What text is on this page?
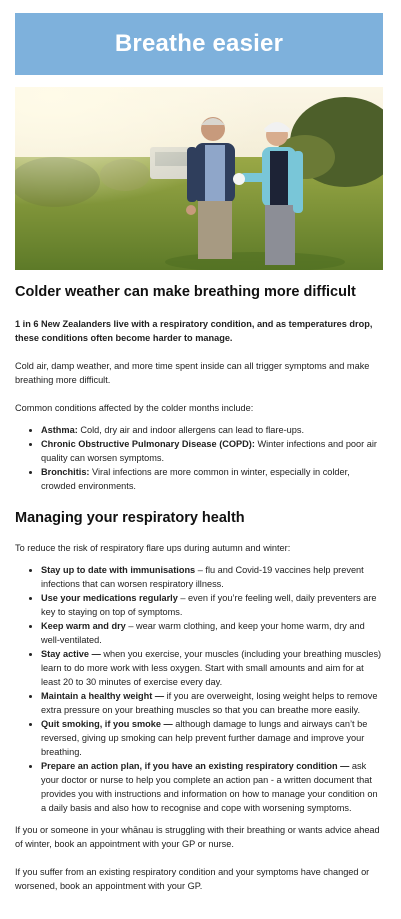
Breathe easier
Colder weather can make breathing more difficult

1 in 6 New Zealanders live with a respiratory condition, and as temperatures drop, these conditions often become harder to manage.

Cold air, damp weather, and more time spent inside can all trigger symptoms and make breathing more difficult.

Common conditions affected by the colder months include:

• Asthma: Cold, dry air and indoor allergens can lead to flare-ups.
• Chronic Obstructive Pulmonary Disease (COPD): Winter infections and poor air quality can worsen symptoms.
• Bronchitis: Viral infections are more common in winter, especially in colder, crowded environments.
Managing your respiratory health

To reduce the risk of respiratory flare ups during autumn and winter:

• Stay up to date with immunisations – flu and Covid-19 vaccines help prevent infections that can worsen respiratory illness.
• Use your medications regularly – even if you’re feeling well, daily preventers are key to staying on top of symptoms.
• Keep warm and dry – wear warm clothing, and keep your home warm, dry and well-ventilated.
• Stay active — when you exercise, your muscles (including your breathing muscles) learn to do more work with less oxygen. Start with small amounts and aim for at least 20 to 30 minutes of exercise every day.
• Maintain a healthy weight — if you are overweight, losing weight helps to remove extra pressure on your breathing muscles so that you can breathe more easily.
• Quit smoking, if you smoke — although damage to lungs and airways can’t be reversed, giving up smoking can help prevent further damage and improve your breathing.
• Prepare an action plan, if you have an existing respiratory condition — ask your doctor or nurse to help you complete an action pan - a written document that provides you with instructions and information on how to manage your condition on a daily basis and also how to recognise and cope with worsening symptoms.

If you or someone in your whānau is struggling with their breathing or wants advice ahead of winter, book an appointment with your GP or nurse.

If you suffer from an existing respiratory condition and your symptoms have changed or worsened, book an appointment with your GP.
